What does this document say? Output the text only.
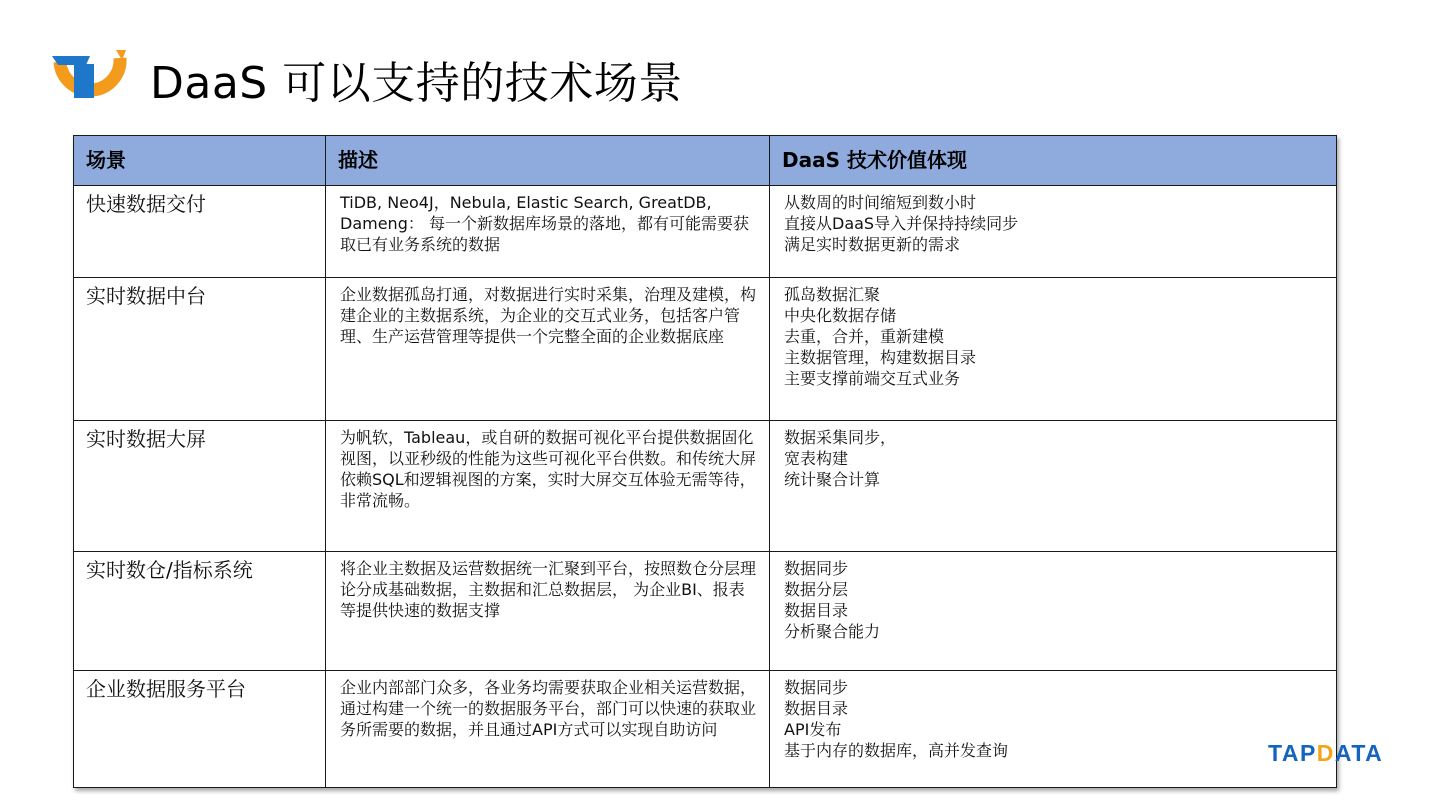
DaaS 可以支持的技术场景
场景	描述	DaaS 技术价值体现
快速数据交付	TiDB, Neo4J，Nebula, Elastic Search, GreatDB, Dameng： 每一个新数据库场景的落地，都有可能需要获取已有业务系统的数据	从数周的时间缩短到数小时
直接从DaaS导入并保持持续同步
满足实时数据更新的需求

实时数据中台	企业数据孤岛打通，对数据进行实时采集，治理及建模，构建企业的主数据系统，为企业的交互式业务，包括客户管理、生产运营管理等提供一个完整全面的企业数据底座	孤岛数据汇聚
中央化数据存储
去重，合并，重新建模
主数据管理，构建数据目录
主要支撑前端交互式业务

实时数据大屏	为帆软，Tableau，或自研的数据可视化平台提供数据固化视图，以亚秒级的性能为这些可视化平台供数。和传统大屏依赖SQL和逻辑视图的方案，实时大屏交互体验无需等待，非常流畅。	数据采集同步，
宽表构建
统计聚合计算

实时数仓/指标系统	将企业主数据及运营数据统一汇聚到平台，按照数仓分层理论分成基础数据，主数据和汇总数据层， 为企业BI、报表等提供快速的数据支撑	数据同步
数据分层
数据目录
分析聚合能力

企业数据服务平台	企业内部部门众多，各业务均需要获取企业相关运营数据，通过构建一个统一的数据服务平台，部门可以快速的获取业务所需要的数据，并且通过API方式可以实现自助访问	数据同步
数据目录
API发布
基于内存的数据库，高并发查询	TAPDATA
